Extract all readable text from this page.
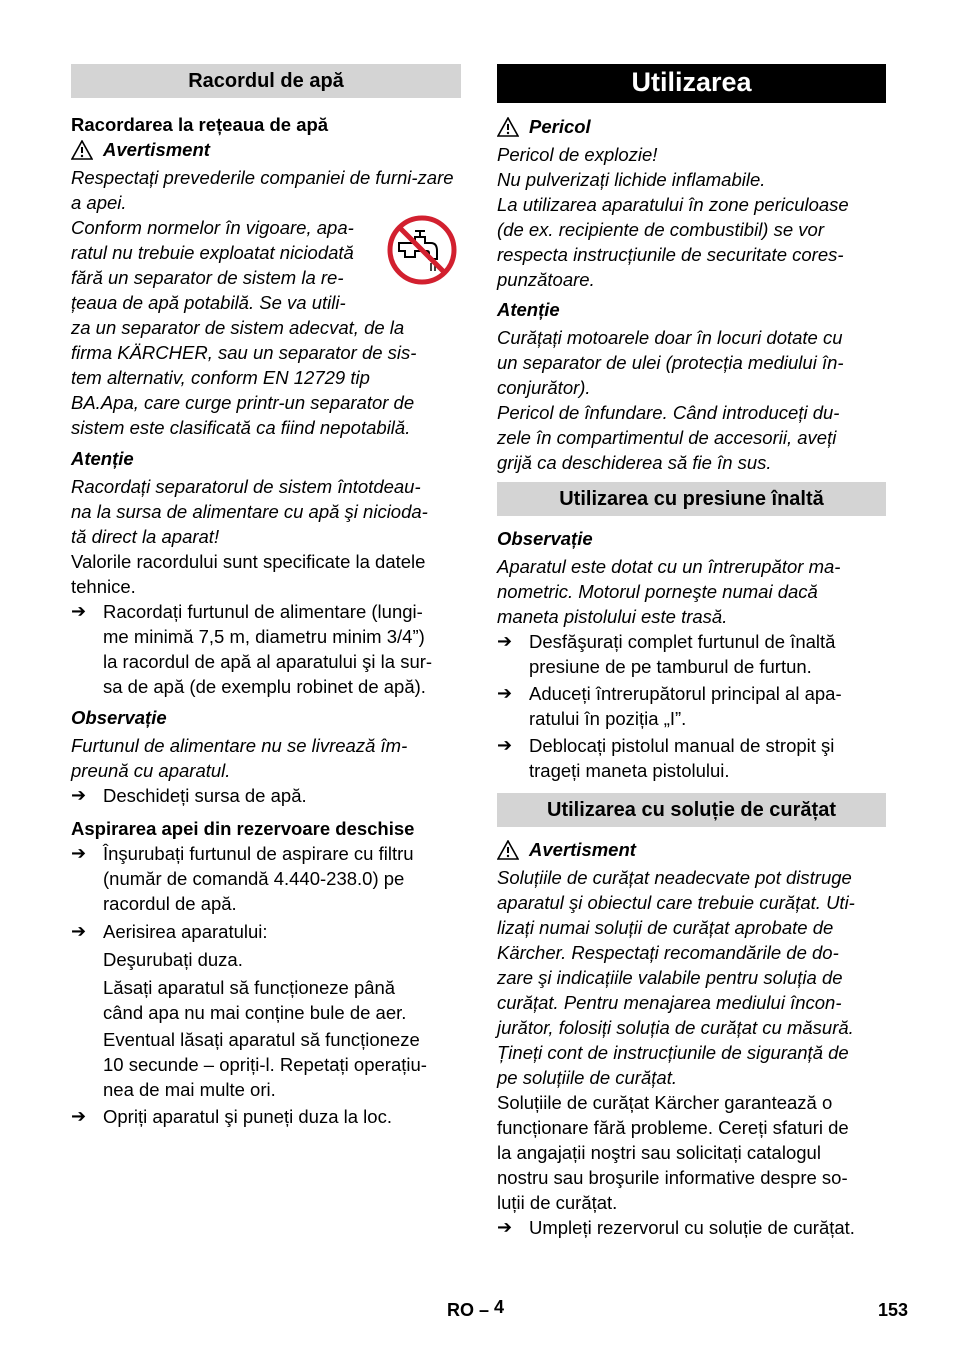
Racordul de apă

Racordarea la rețeaua de apă

Avertisment

Respectați prevederile companiei de furni-zare a apei.

Conform normelor în vigoare, apa-

ratul nu trebuie exploatat niciodată

fără un separator de sistem la re-

țeaua de apă potabilă. Se va utili-

za un separator de sistem adecvat, de la

firma KÄRCHER, sau un separator de sis-

tem alternativ, conform EN 12729 tip

BA.Apa, care curge printr-un separator de

sistem este clasificată ca fiind nepotabilă.

Atenție

Racordați separatorul de sistem întotdeau-

na la sursa de alimentare cu apă şi niciodа-

tă direct la aparat!

Valorile racordului sunt specificate la datele

tehnice.

➔ Racordați furtunul de alimentare (lungi-
me minimă 7,5 m, diametru minim 3/4”)
la racordul de apă al aparatului şi la sur-
sa de apă (de exemplu robinet de apă).

Observație

Furtunul de alimentare nu se livrează îm-

preună cu aparatul.

➔ Deschideți sursa de apă.

Aspirarea apei din rezervoare deschise

➔ Înşurubați furtunul de aspirare cu filtru
(număr de comandă 4.440-238.0) pe
racordul de apă.
➔ Aerisirea aparatului:

Deşurubați duza.

Lăsați aparatul să funcționeze până

când apa nu mai conține bule de aer.

Eventual lăsați aparatul să funcționeze

10 secunde – opriți-l. Repetați operațiu-

nea de mai multe ori.

➔ Opriți aparatul şi puneți duza la loc.
Utilizarea
Pericol

Pericol de explozie!

Nu pulverizați lichide inflamabile.

La utilizarea aparatului în zone periculoase

(de ex. recipiente de combustibil) se vor

respecta instrucțiunile de securitate cores-

punzătoare.

Atenție

Curățați motoarele doar în locuri dotate cu

un separator de ulei (protecția mediului în-

conjurător).

Pericol de înfundare. Când introduceți du-

zele în compartimentul de accesorii, aveți

grijă ca deschiderea să fie în sus.

Utilizarea cu presiune înaltă

Observație

Aparatul este dotat cu un întrerupător ma-

nometric. Motorul porneşte numai dacă

maneta pistolului este trasă.

➔ Desfăşurați complet furtunul de înaltă
presiune de pe tamburul de furtun.
➔ Aduceți întrerupătorul principal al apa-
ratului în poziția „I”.
➔ Deblocați pistolul manual de stropit şi
trageți maneta pistolului.
Utilizarea cu soluție de curățat
Avertisment

Soluțiile de curățat neadecvate pot distruge

aparatul şi obiectul care trebuie curățat. Uti-

lizați numai soluții de curățat aprobate de

Kärcher. Respectați recomandările de do-

zare şi indicațiile valabile pentru soluția de

curățat. Pentru menajarea mediului încon-

jurător, folosiți soluția de curățat cu măsură.

Țineți cont de instrucțiunile de siguranță de

pe soluțiile de curățat.

Soluțiile de curățat Kärcher garantează o

funcționare fără probleme. Cereți sfaturi de

la angajații noştri sau solicitați catalogul

nostru sau broşurile informative despre so-

luții de curățat.

➔ Umpleți rezervorul cu soluție de curățat.
RO – 4	153
